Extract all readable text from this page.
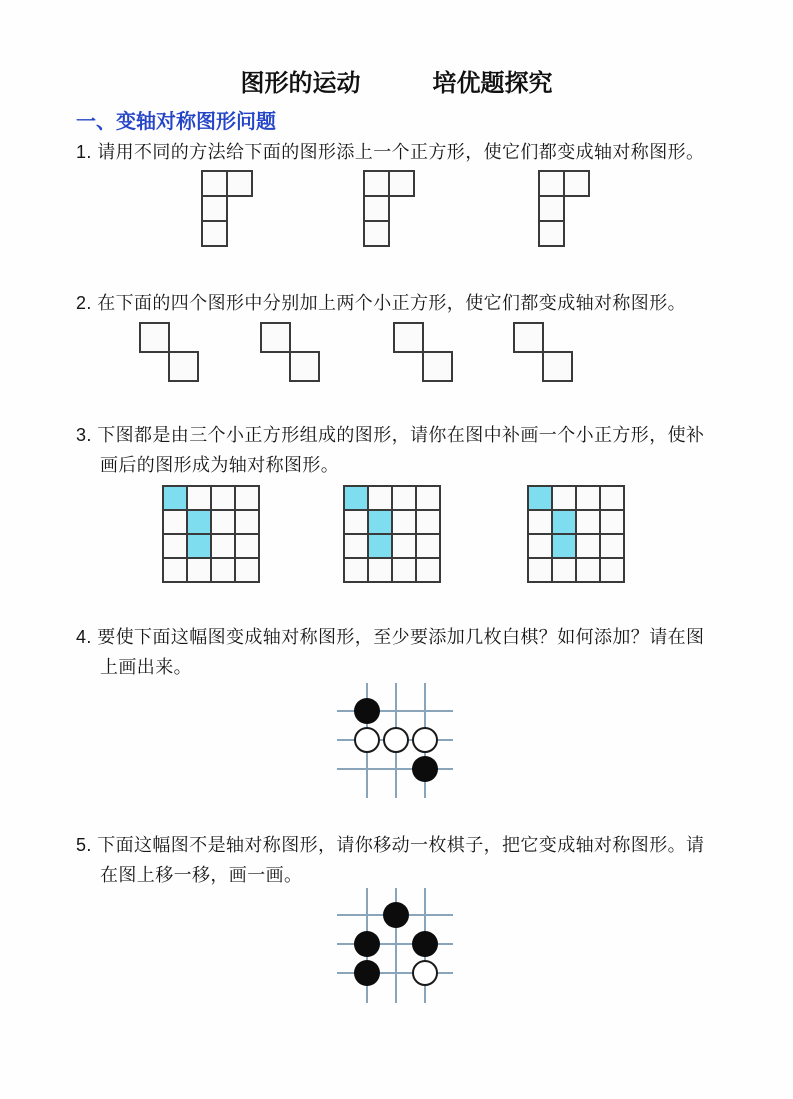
图形的运动	培优题探究
一、变轴对称图形问题
1. 请用不同的方法给下面的图形添上一个正方形，使它们都变成轴对称图形。
2. 在下面的四个图形中分别加上两个小正方形，使它们都变成轴对称图形。
3. 下图都是由三个小正方形组成的图形，请你在图中补画一个小正方形，使补
画后的图形成为轴对称图形。
4. 要使下面这幅图变成轴对称图形，至少要添加几枚白棋？如何添加？请在图
上画出来。
5. 下面这幅图不是轴对称图形，请你移动一枚棋子，把它变成轴对称图形。请
在图上移一移，画一画。
